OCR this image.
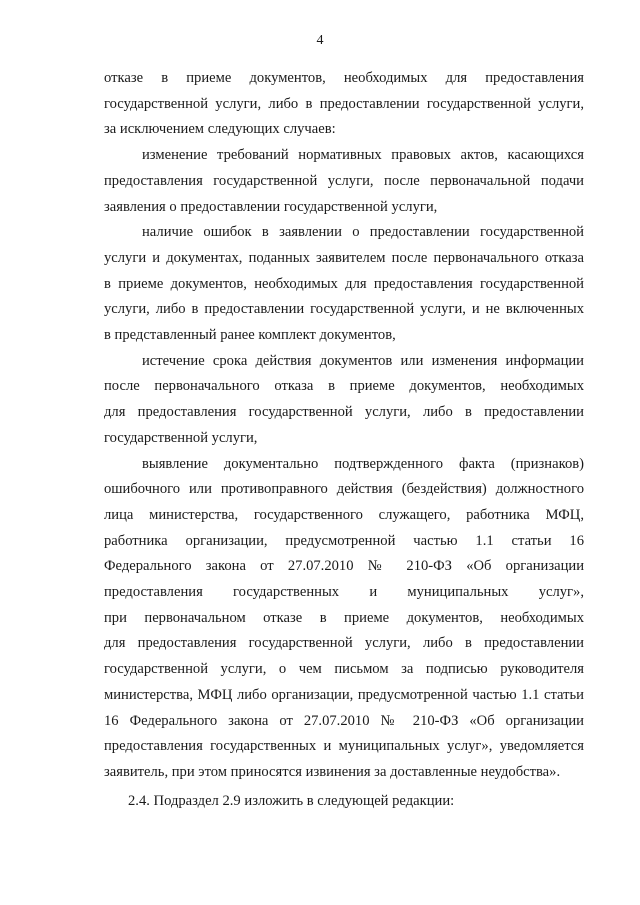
4
отказе в приеме документов, необходимых для предоставления
государственной услуги, либо в предоставлении государственной услуги,
за исключением следующих случаев:
изменение требований нормативных правовых актов, касающихся
предоставления государственной услуги, после первоначальной подачи
заявления о предоставлении государственной услуги,
наличие ошибок в заявлении о предоставлении государственной
услуги и документах, поданных заявителем после первоначального отказа
в приеме документов, необходимых для предоставления государственной
услуги, либо в предоставлении государственной услуги, и не включенных
в представленный ранее комплект документов,
истечение срока действия документов или изменения информации
после первоначального отказа в приеме документов, необходимых
для предоставления государственной услуги, либо в предоставлении
государственной услуги,
выявление документально подтвержденного факта (признаков)
ошибочного или противоправного действия (бездействия) должностного
лица министерства, государственного служащего, работника МФЦ,
работника организации, предусмотренной частью 1.1 статьи 16
Федерального закона от 27.07.2010 № 210-ФЗ «Об организации
предоставления государственных и муниципальных услуг»,
при первоначальном отказе в приеме документов, необходимых
для предоставления государственной услуги, либо в предоставлении
государственной услуги, о чем письмом за подписью руководителя
министерства, МФЦ либо организации, предусмотренной частью 1.1 статьи
16 Федерального закона от 27.07.2010 № 210-ФЗ «Об организации
предоставления государственных и муниципальных услуг», уведомляется
заявитель, при этом приносятся извинения за доставленные неудобства».
2.4. Подраздел 2.9 изложить в следующей редакции:
